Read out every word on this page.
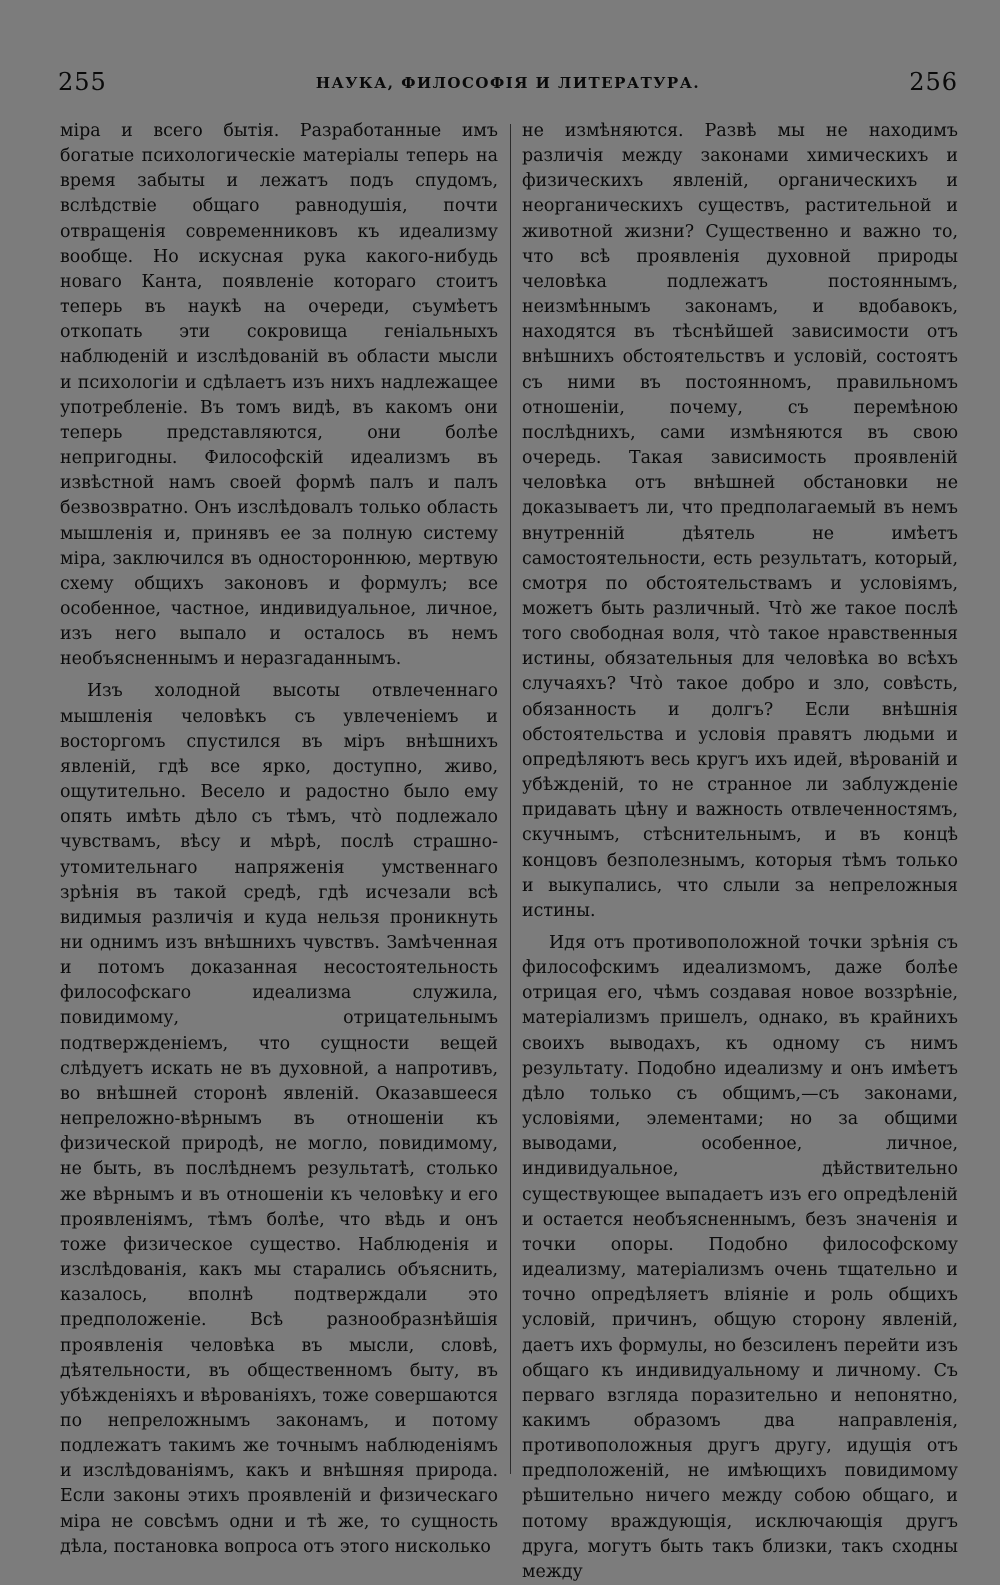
255	НАУКА, ФИЛОСОФІЯ И ЛИТЕРАТУРА.	256

міра и всего бытія. Разработанные имъ богатые психологическіе матеріалы теперь на время забыты и лежатъ подъ спудомъ, вслѣдствіе общаго равнодушія, почти отвращенія современниковъ къ идеализму вообще. Но искусная рука какого-нибудь новаго Канта, появленіе котораго стоитъ теперь въ наукѣ на очереди, съумѣетъ откопать эти сокровища геніальныхъ наблюденій и изслѣдованій въ области мысли и психологіи и сдѣлаетъ изъ нихъ надлежащее употребленіе. Въ томъ видѣ, въ какомъ они теперь представляются, они болѣе непригодны. Философскій идеализмъ въ извѣстной намъ своей формѣ палъ и палъ безвозвратно. Онъ изслѣдовалъ только область мышленія и, принявъ ее за полную систему міра, заключился въ одностороннюю, мертвую схему общихъ законовъ и формулъ; все особенное, частное, индивидуальное, личное, изъ него выпало и осталось въ немъ необъясненнымъ и неразгаданнымъ.

Изъ холодной высоты отвлеченнаго мышленія человѣкъ съ увлеченіемъ и восторгомъ спустился въ міръ внѣшнихъ явленій, гдѣ все ярко, доступно, живо, ощутительно. Весело и радостно было ему опять имѣть дѣло съ тѣмъ, что̀ подлежало чувствамъ, вѣсу и мѣрѣ, послѣ страшно-утомительнаго напряженія умственнаго зрѣнія въ такой средѣ, гдѣ исчезали всѣ видимыя различія и куда нельзя проникнуть ни однимъ изъ внѣшнихъ чувствъ. Замѣченная и потомъ доказанная несостоятельность философскаго идеализма служила, повидимому, отрицательнымъ подтвержденіемъ, что сущности вещей слѣдуетъ искать не въ духовной, а напротивъ, во внѣшней сторонѣ явленій. Оказавшееся непреложно-вѣрнымъ въ отношеніи къ физической природѣ, не могло, повидимому, не быть, въ послѣднемъ результатѣ, столько же вѣрнымъ и въ отношеніи къ человѣку и его проявленіямъ, тѣмъ болѣе, что вѣдь и онъ тоже физическое существо. Наблюденія и изслѣдованія, какъ мы старались объяснить, казалось, вполнѣ подтверждали это предположеніе. Всѣ разнообразнѣйшія проявленія человѣка въ мысли, словѣ, дѣятельности, въ общественномъ быту, въ убѣжденіяхъ и вѣрованіяхъ, тоже совершаются по непреложнымъ законамъ, и потому подлежатъ такимъ же точнымъ наблюденіямъ и изслѣдованіямъ, какъ и внѣшняя природа. Если законы этихъ проявленій и физическаго міра не совсѣмъ одни и тѣ же, то сущность дѣла, постановка вопроса отъ этого нисколько

не измѣняются. Развѣ мы не находимъ различія между законами химическихъ и физическихъ явленій, органическихъ и неорганическихъ существъ, растительной и животной жизни? Существенно и важно то, что всѣ проявленія духовной природы человѣка подлежатъ постояннымъ, неизмѣннымъ законамъ, и вдобавокъ, находятся въ тѣснѣйшей зависимости отъ внѣшнихъ обстоятельствъ и условій, состоятъ съ ними въ постоянномъ, правильномъ отношеніи, почему, съ перемѣною послѣднихъ, сами измѣняются въ свою очередь. Такая зависимость проявленій человѣка отъ внѣшней обстановки не доказываетъ ли, что предполагаемый въ немъ внутренній дѣятель не имѣетъ самостоятельности, есть результатъ, который, смотря по обстоятельствамъ и условіямъ, можетъ быть различный. Что̀ же такое послѣ того свободная воля, что̀ такое нравственныя истины, обязательныя для человѣка во всѣхъ случаяхъ? Что̀ такое добро и зло, совѣсть, обязанность и долгъ? Если внѣшнія обстоятельства и условія правятъ людьми и опредѣляютъ весь кругъ ихъ идей, вѣрованій и убѣжденій, то не странное ли заблужденіе придавать цѣну и важность отвлеченностямъ, скучнымъ, стѣснительнымъ, и въ концѣ концовъ безполезнымъ, которыя тѣмъ только и выкупались, что слыли за непреложныя истины.

Идя отъ противоположной точки зрѣнія съ философскимъ идеализмомъ, даже болѣе отрицая его, чѣмъ создавая новое воззрѣніе, матеріализмъ пришелъ, однако, въ крайнихъ своихъ выводахъ, къ одному съ нимъ результату. Подобно идеализму и онъ имѣетъ дѣло только съ общимъ,—съ законами, условіями, элементами; но за общими выводами, особенное, личное, индивидуальное, дѣйствительно существующее выпадаетъ изъ его опредѣленій и остается необъясненнымъ, безъ значенія и точки опоры. Подобно философскому идеализму, матеріализмъ очень тщательно и точно опредѣляетъ вліяніе и роль общихъ условій, причинъ, общую сторону явленій, даетъ ихъ формулы, но безсиленъ перейти изъ общаго къ индивидуальному и личному. Съ перваго взгляда поразительно и непонятно, какимъ образомъ два направленія, противоположныя другъ другу, идущія отъ предположеній, не имѣющихъ повидимому рѣшительно ничего между собою общаго, и потому враждующія, исключающія другъ друга, могутъ быть такъ близки, такъ сходны между
